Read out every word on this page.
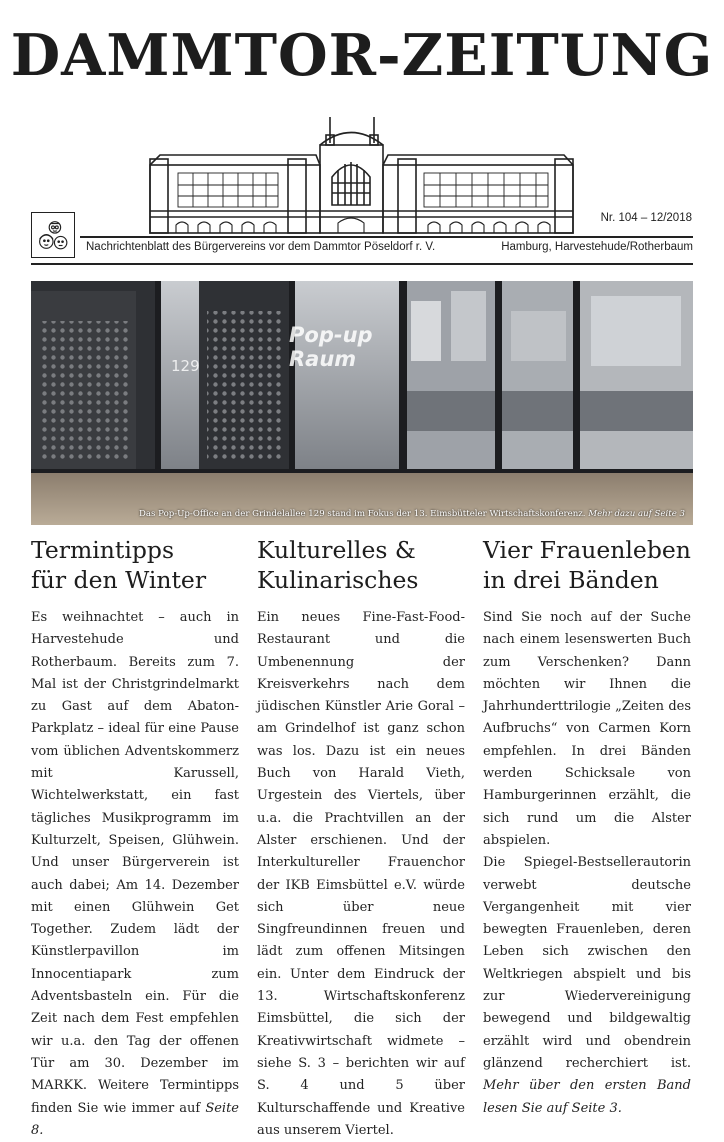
DAMMTOR-ZEITUNG
Nr. 104 – 12/2018
Nachrichtenblatt des Bürgervereins vor dem Dammtor Pöseldorf r. V.	Hamburg, Harvestehude/Rotherbaum
Pop-up
Raum
129
Das Pop-Up-Office an der Grindelallee 129 stand im Fokus der 13. Eimsbütteler Wirtschaftskonferenz. Mehr dazu auf Seite 3
Termintipps
für den Winter
Es weihnachtet – auch in Harvestehude und Rotherbaum. Bereits zum 7. Mal ist der Christgrindelmarkt zu Gast auf dem Abaton-Parkplatz – ideal für eine Pause vom üblichen Adventskommerz mit Karussell, Wichtelwerkstatt, ein fast tägliches Musikprogramm im Kulturzelt, Speisen, Glühwein. Und unser Bürgerverein ist auch dabei; Am 14. Dezember mit einen Glühwein Get Together. Zudem lädt der Künstlerpavillon im Innocentiapark zum Adventsbasteln ein. Für die Zeit nach dem Fest empfehlen wir u.a. den Tag der offenen Tür am 30. Dezember im MARKK. Weitere Termintipps finden Sie wie immer auf Seite 8.
Kulturelles &
Kulinarisches
Ein neues Fine-Fast-Food-Restaurant und die Umbenennung der Kreisverkehrs nach dem jüdischen Künstler Arie Goral – am Grindelhof ist ganz schon was los. Dazu ist ein neues Buch von Harald Vieth, Urgestein des Viertels, über u.a. die Prachtvillen an der Alster erschienen. Und der Interkultureller Frauenchor der IKB Eimsbüttel e.V. würde sich über neue Singfreundinnen freuen und lädt zum offenen Mitsingen ein. Unter dem Eindruck der 13. Wirtschaftskonferenz Eimsbüttel, die sich der Kreativwirtschaft widmete – siehe S. 3 – berichten wir auf S. 4 und 5 über Kulturschaffende und Kreative aus unserem Viertel.
Vier Frauenleben
in drei Bänden
Sind Sie noch auf der Suche nach einem lesenswerten Buch zum Verschenken? Dann möchten wir Ihnen die Jahrhunderttrilogie „Zeiten des Aufbruchs“ von Carmen Korn empfehlen. In drei Bänden werden Schicksale von Hamburgerinnen erzählt, die sich rund um die Alster abspielen.
Die Spiegel-Bestsellerautorin verwebt deutsche Vergangenheit mit vier bewegten Frauenleben, deren Leben sich zwischen den Weltkriegen abspielt und bis zur Wiedervereinigung bewegend und bildgewaltig erzählt wird und obendrein glänzend recherchiert ist. Mehr über den ersten Band lesen Sie auf Seite 3.
